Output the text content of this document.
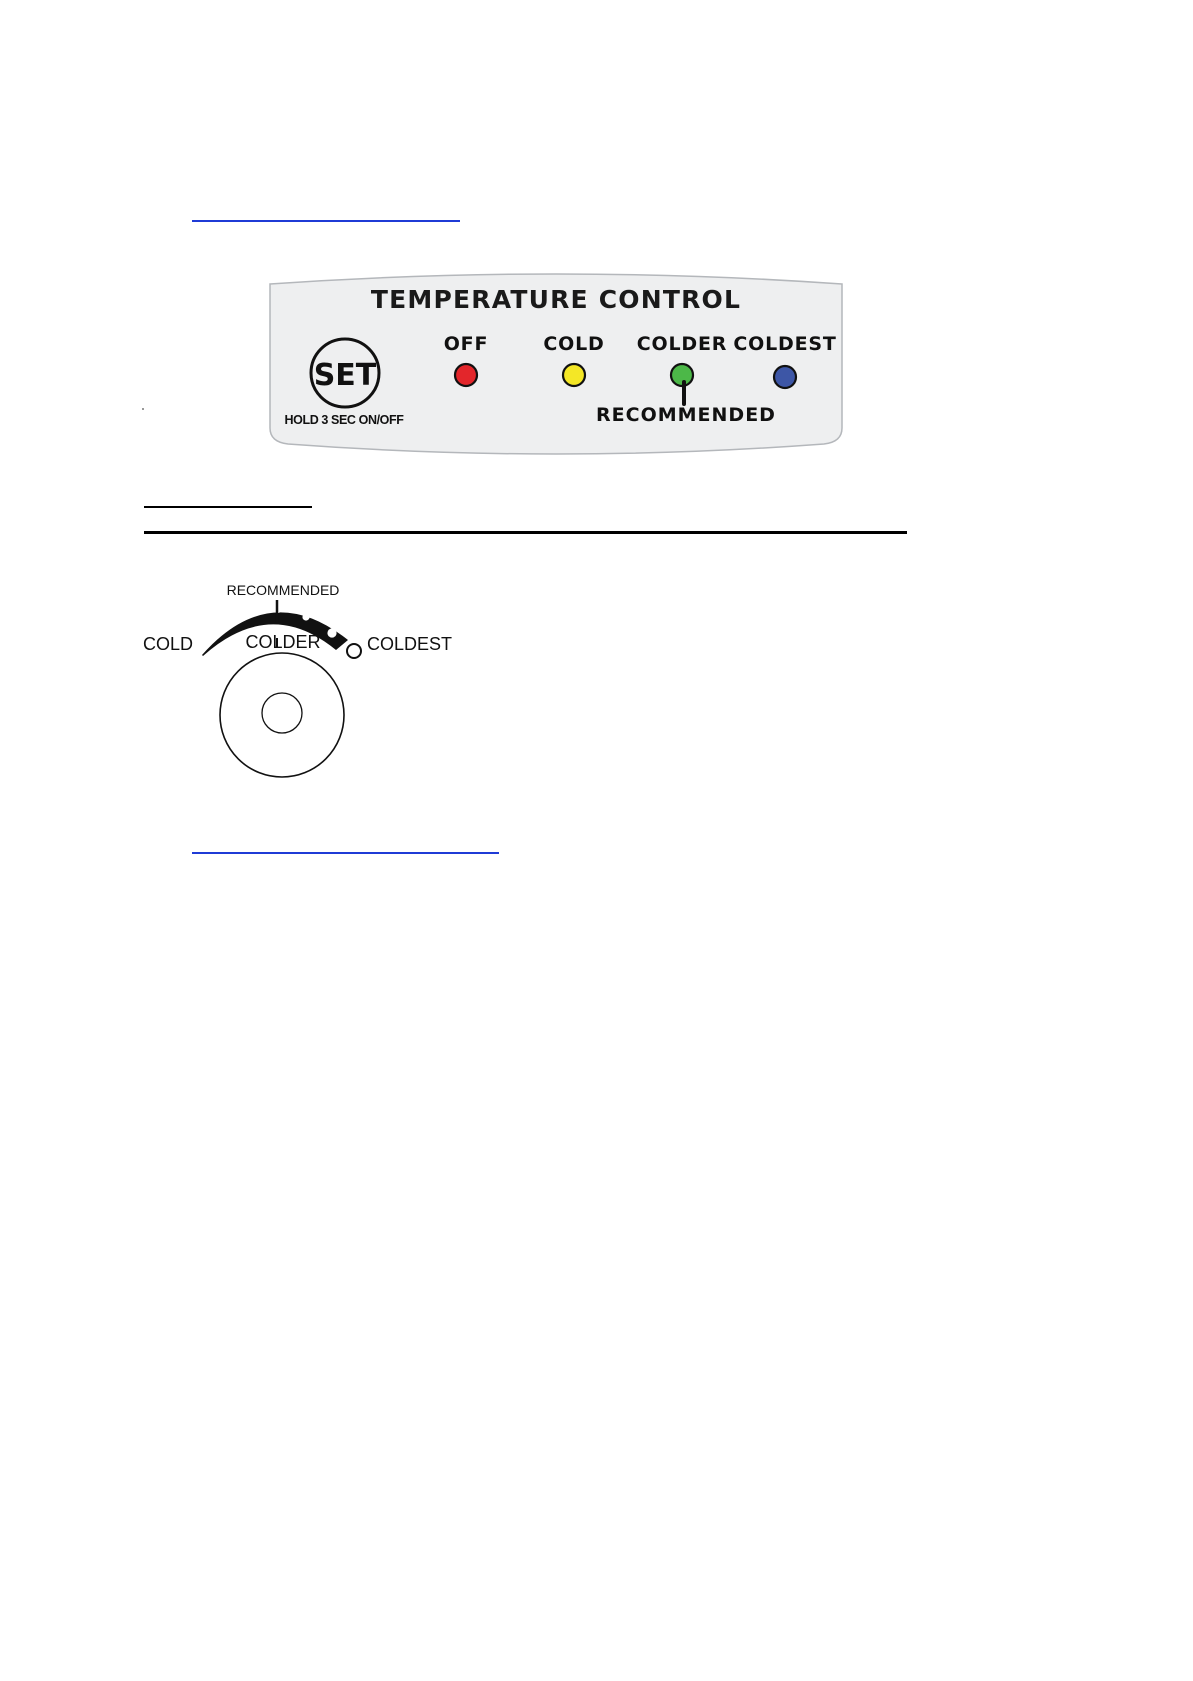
TEMPERATURE CONTROL
SET
HOLD 3 SEC ON/OFF
OFF	COLD COLDER COLDEST
RECOMMENDED
RECOMMENDED
COLD	COLDER	COLDEST
